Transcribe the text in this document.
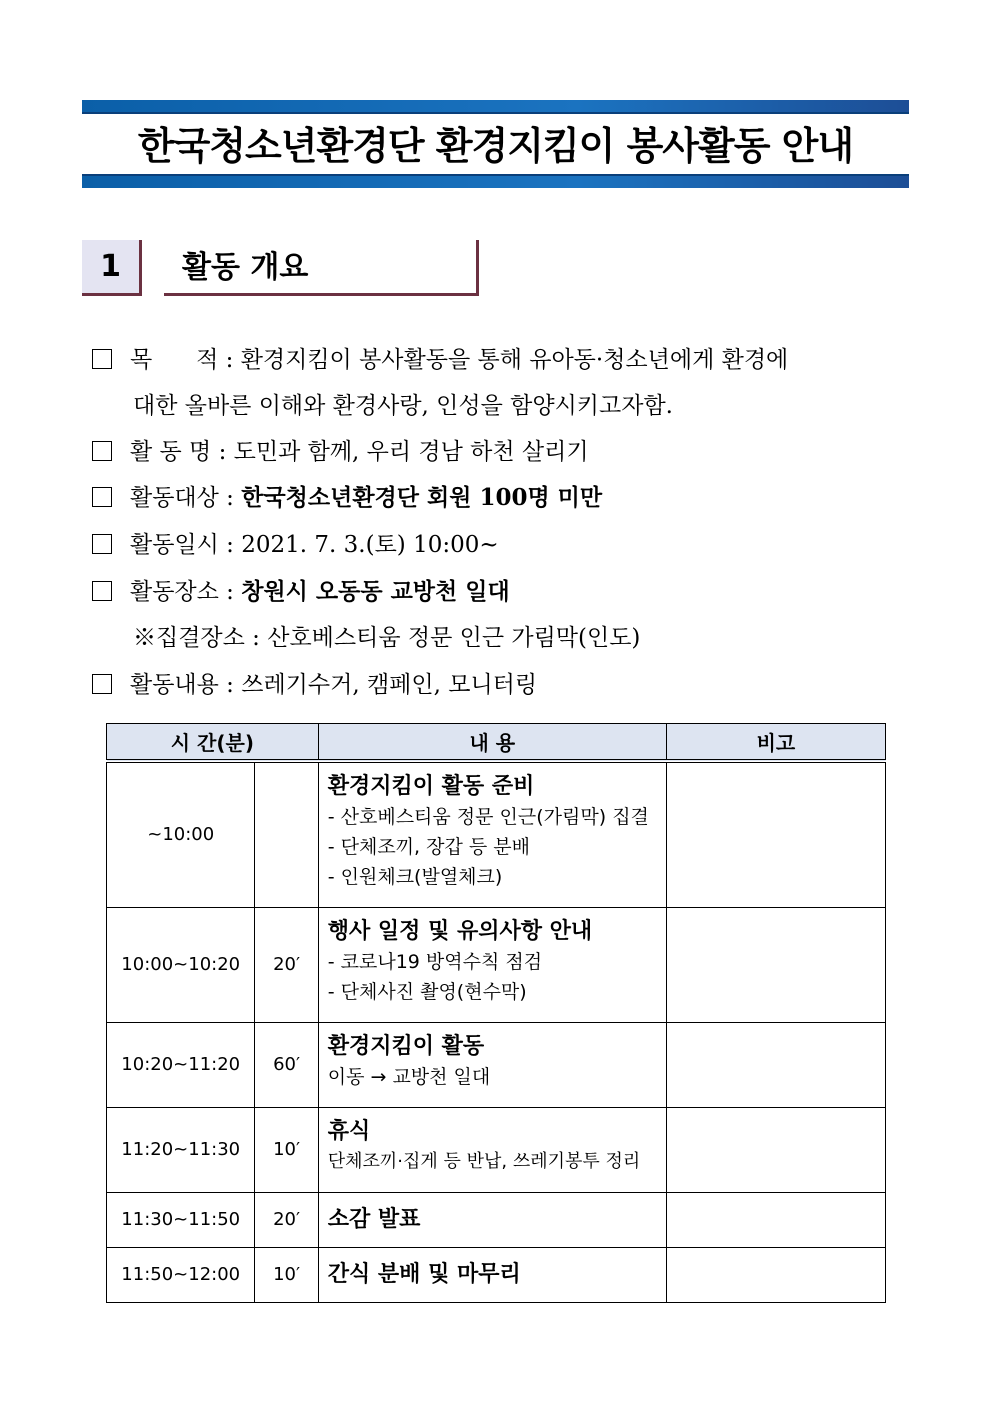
한국청소년환경단 환경지킴이 봉사활동 안내
1	활동 개요
목      적 : 환경지킴이 봉사활동을 통해 유아동·청소년에게 환경에
대한 올바른 이해와 환경사랑, 인성을 함양시키고자함.
활 동 명 : 도민과 함께, 우리 경남 하천 살리기
활동대상 : 한국청소년환경단 회원 100명 미만
활동일시 : 2021. 7. 3.(토) 10:00~
활동장소 : 창원시 오동동 교방천 일대
※집결장소 : 산호베스티움 정문 인근 가림막(인도)
활동내용 : 쓰레기수거, 캠페인, 모니터링
시 간(분)		내 용	비고
~10:00		환경지킴이 활동 준비
- 산호베스티움 정문 인근(가림막) 집결
- 단체조끼, 장갑 등 분배
- 인원체크(발열체크)	

10:00~10:20	20′	행사 일정 및 유의사항 안내
- 코로나19 방역수칙 점검
- 단체사진 촬영(현수막)	

10:20~11:20	60′	환경지킴이 활동
이동 → 교방천 일대	

11:20~11:30	10′	휴식
단체조끼·집게 등 반납, 쓰레기봉투 정리	

11:30~11:50	20′	소감 발표	

11:50~12:00	10′	간식 분배 및 마무리	
